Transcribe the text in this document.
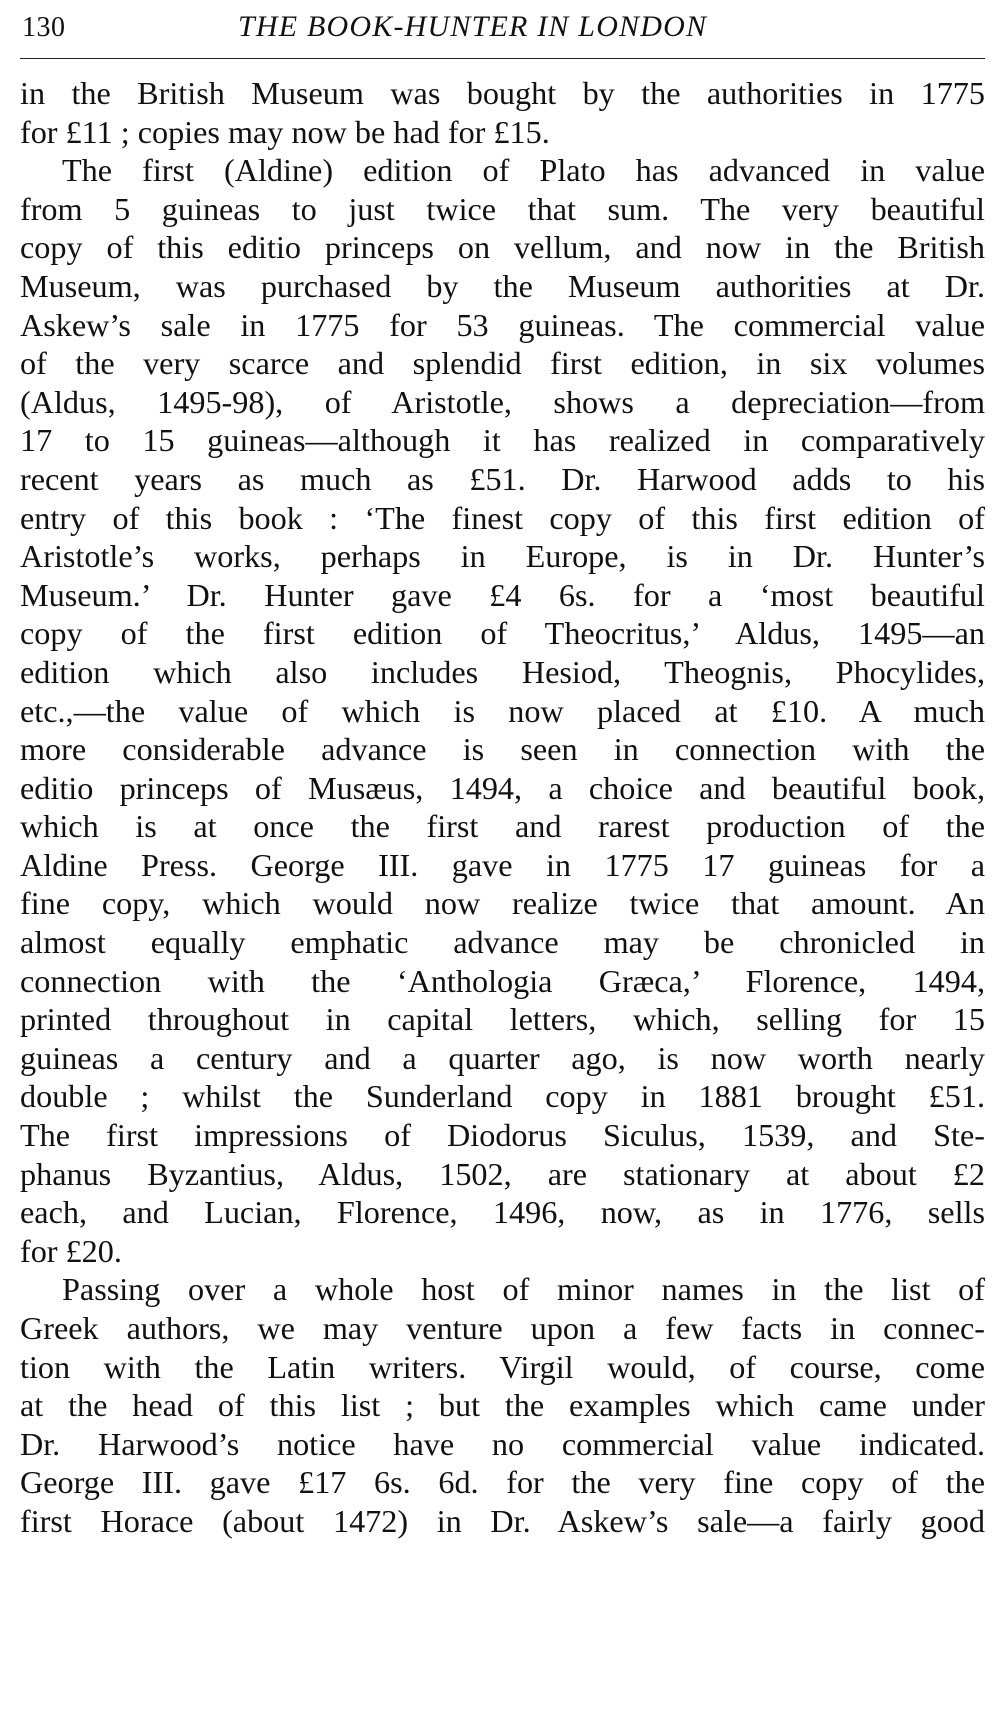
130	THE BOOK-HUNTER IN LONDON
in the British Museum was bought by the authorities in 1775
for £11 ; copies may now be had for £15.
The first (Aldine) edition of Plato has advanced in value
from 5 guineas to just twice that sum. The very beautiful
copy of this editio princeps on vellum, and now in the British
Museum, was purchased by the Museum authorities at Dr.
Askew’s sale in 1775 for 53 guineas. The commercial value
of the very scarce and splendid first edition, in six volumes
(Aldus, 1495-98), of Aristotle, shows a depreciation—from
17 to 15 guineas—although it has realized in comparatively
recent years as much as £51. Dr. Harwood adds to his
entry of this book : ‘The finest copy of this first edition of
Aristotle’s works, perhaps in Europe, is in Dr. Hunter’s
Museum.’ Dr. Hunter gave £4 6s. for a ‘most beautiful
copy of the first edition of Theocritus,’ Aldus, 1495—an
edition which also includes Hesiod, Theognis, Phocylides,
etc.,—the value of which is now placed at £10. A much
more considerable advance is seen in connection with the
editio princeps of Musæus, 1494, a choice and beautiful book,
which is at once the first and rarest production of the
Aldine Press. George III. gave in 1775 17 guineas for a
fine copy, which would now realize twice that amount. An
almost equally emphatic advance may be chronicled in
connection with the ‘Anthologia Græca,’ Florence, 1494,
printed throughout in capital letters, which, selling for 15
guineas a century and a quarter ago, is now worth nearly
double ; whilst the Sunderland copy in 1881 brought £51.
The first impressions of Diodorus Siculus, 1539, and Ste-
phanus Byzantius, Aldus, 1502, are stationary at about £2
each, and Lucian, Florence, 1496, now, as in 1776, sells
for £20.
Passing over a whole host of minor names in the list of
Greek authors, we may venture upon a few facts in connec-
tion with the Latin writers. Virgil would, of course, come
at the head of this list ; but the examples which came under
Dr. Harwood’s notice have no commercial value indicated.
George III. gave £17 6s. 6d. for the very fine copy of the
first Horace (about 1472) in Dr. Askew’s sale—a fairly good
